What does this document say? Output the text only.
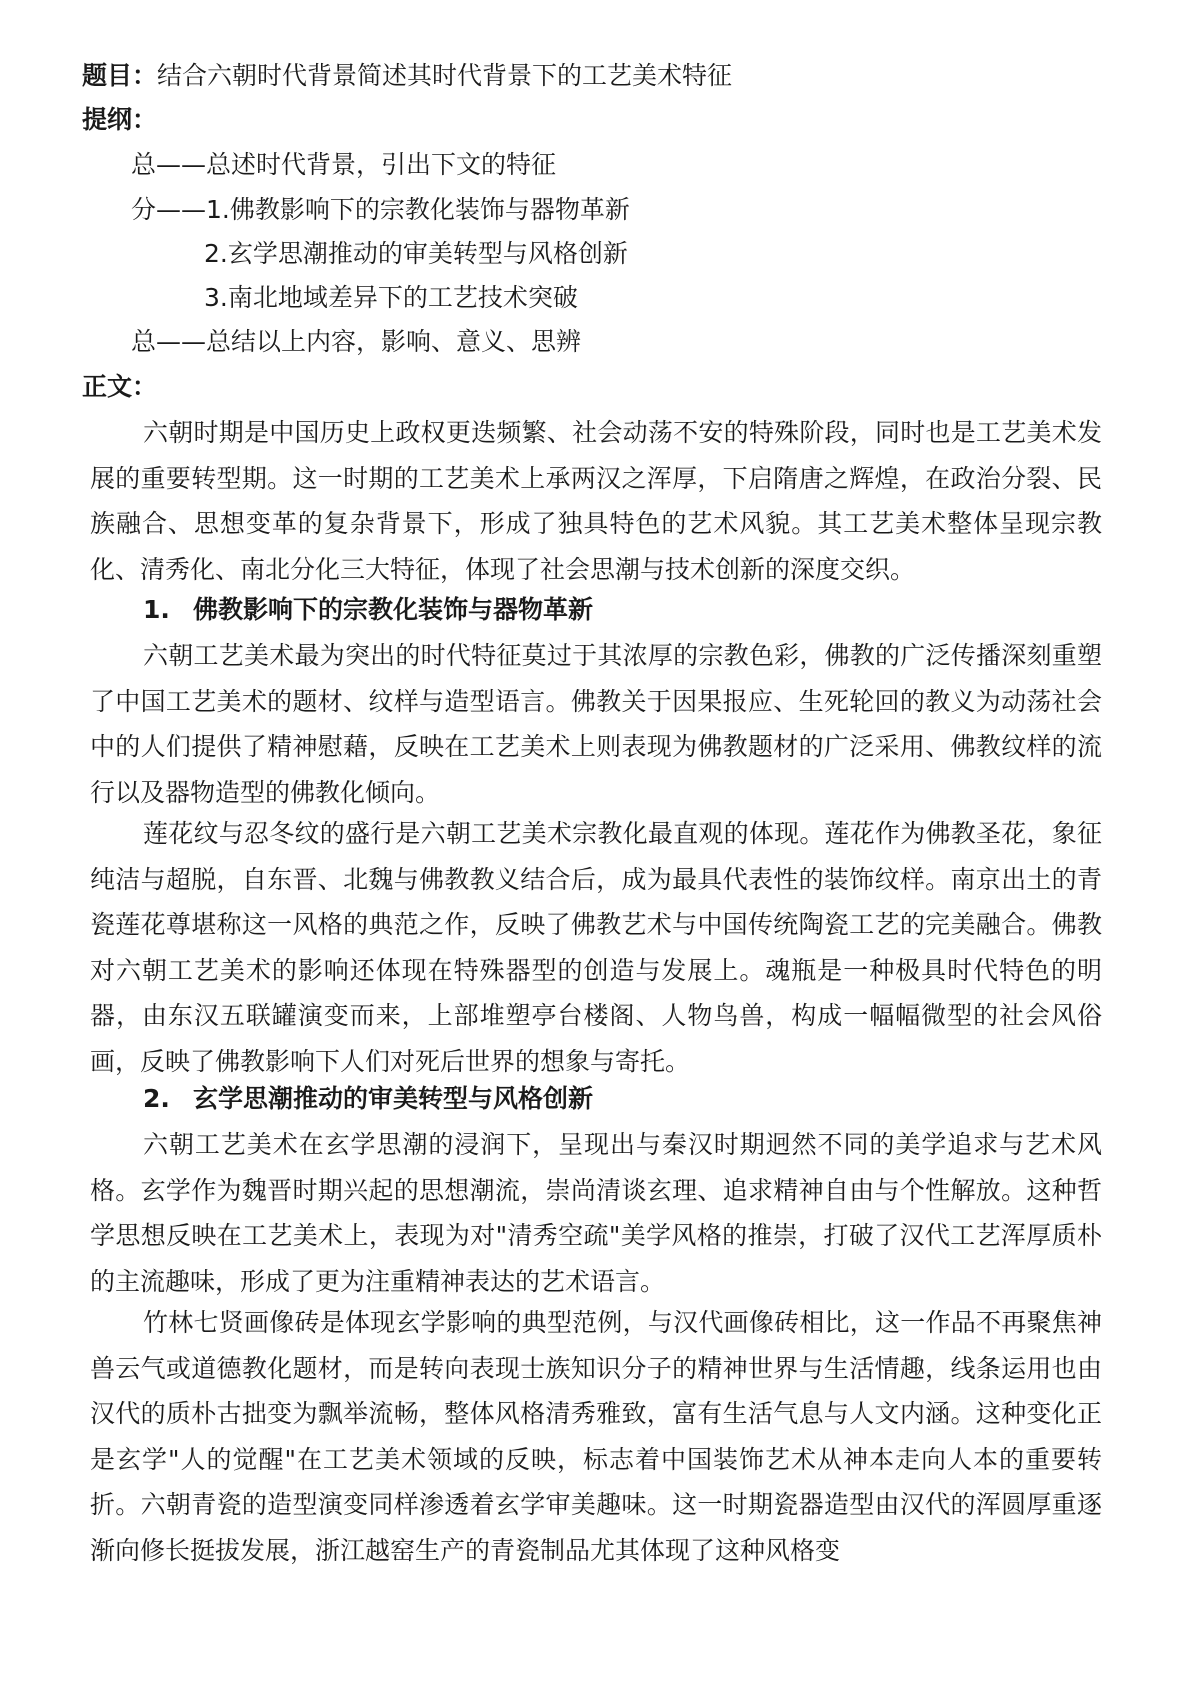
题目：结合六朝时代背景简述其时代背景下的工艺美术特征
提纲：
总——总述时代背景，引出下文的特征
分——1.佛教影响下的宗教化装饰与器物革新
2.玄学思潮推动的审美转型与风格创新
3.南北地域差异下的工艺技术突破
总——总结以上内容，影响、意义、思辨
正文：

六朝时期是中国历史上政权更迭频繁、社会动荡不安的特殊阶段，同时也是工艺美术发展的重要转型期。这一时期的工艺美术上承两汉之浑厚，下启隋唐之辉煌，在政治分裂、民族融合、思想变革的复杂背景下，形成了独具特色的艺术风貌。其工艺美术整体呈现宗教化、清秀化、南北分化三大特征，体现了社会思潮与技术创新的深度交织。

1. 佛教影响下的宗教化装饰与器物革新

六朝工艺美术最为突出的时代特征莫过于其浓厚的宗教色彩，佛教的广泛传播深刻重塑了中国工艺美术的题材、纹样与造型语言。佛教关于因果报应、生死轮回的教义为动荡社会中的人们提供了精神慰藉，反映在工艺美术上则表现为佛教题材的广泛采用、佛教纹样的流行以及器物造型的佛教化倾向。

莲花纹与忍冬纹的盛行是六朝工艺美术宗教化最直观的体现。莲花作为佛教圣花，象征纯洁与超脱，自东晋、北魏与佛教教义结合后，成为最具代表性的装饰纹样。南京出土的青瓷莲花尊堪称这一风格的典范之作，反映了佛教艺术与中国传统陶瓷工艺的完美融合。佛教对六朝工艺美术的影响还体现在特殊器型的创造与发展上。魂瓶是一种极具时代特色的明器，由东汉五联罐演变而来，上部堆塑亭台楼阁、人物鸟兽，构成一幅幅微型的社会风俗画，反映了佛教影响下人们对死后世界的想象与寄托。

2. 玄学思潮推动的审美转型与风格创新

六朝工艺美术在玄学思潮的浸润下，呈现出与秦汉时期迥然不同的美学追求与艺术风格。玄学作为魏晋时期兴起的思想潮流，崇尚清谈玄理、追求精神自由与个性解放。这种哲学思想反映在工艺美术上，表现为对"清秀空疏"美学风格的推崇，打破了汉代工艺浑厚质朴的主流趣味，形成了更为注重精神表达的艺术语言。

竹林七贤画像砖是体现玄学影响的典型范例，与汉代画像砖相比，这一作品不再聚焦神兽云气或道德教化题材，而是转向表现士族知识分子的精神世界与生活情趣，线条运用也由汉代的质朴古拙变为飘举流畅，整体风格清秀雅致，富有生活气息与人文内涵。这种变化正是玄学"人的觉醒"在工艺美术领域的反映，标志着中国装饰艺术从神本走向人本的重要转折。六朝青瓷的造型演变同样渗透着玄学审美趣味。这一时期瓷器造型由汉代的浑圆厚重逐渐向修长挺拔发展，浙江越窑生产的青瓷制品尤其体现了这种风格变
